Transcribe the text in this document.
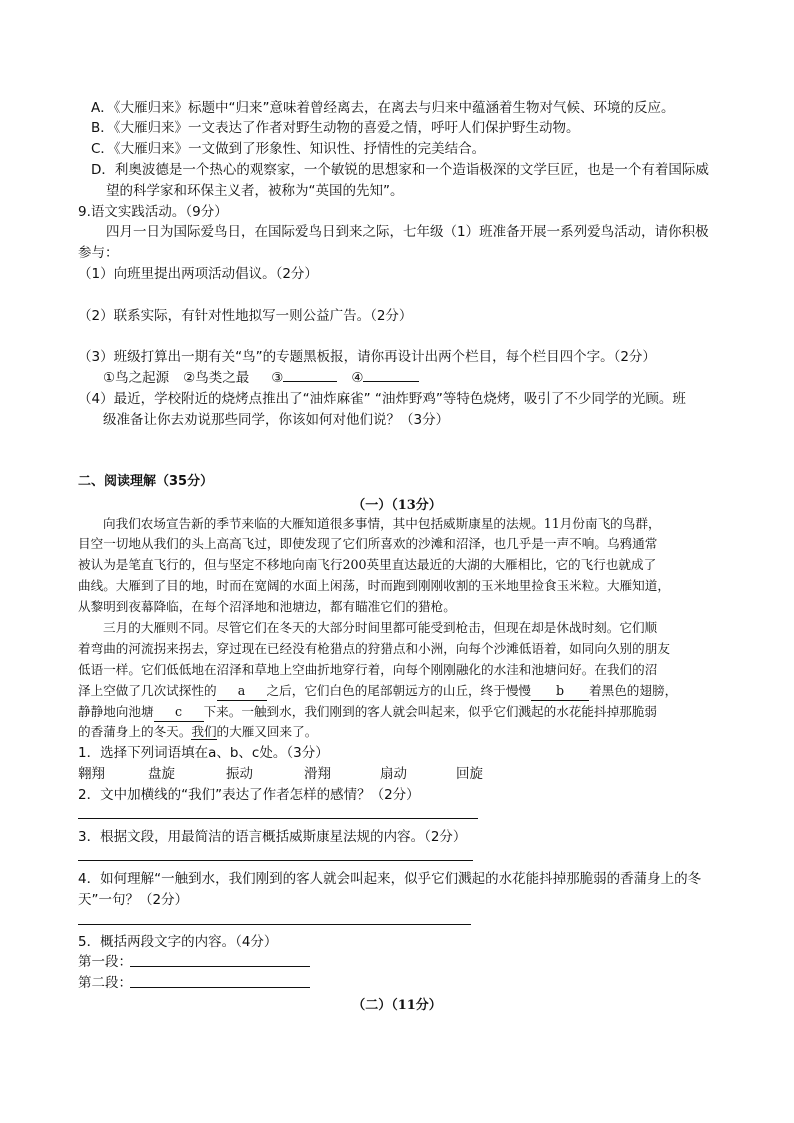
A．《大雁归来》标题中“归来”意味着曾经离去，在离去与归来中蕴涵着生物对气候、环境的反应。
B．《大雁归来》一文表达了作者对野生动物的喜爱之情，呼吁人们保护野生动物。
C．《大雁归来》一文做到了形象性、知识性、抒情性的完美结合。
D．利奥波德是一个热心的观察家，一个敏锐的思想家和一个造诣极深的文学巨匠，也是一个有着国际威
望的科学家和环保主义者，被称为“英国的先知”。
9.语文实践活动。（9分）
四月一日为国际爱鸟日，在国际爱鸟日到来之际，七年级（1）班准备开展一系列爱鸟活动，请你积极
参与：
（1）向班里提出两项活动倡议。（2分）
（2）联系实际，有针对性地拟写一则公益广告。（2分）
（3）班级打算出一期有关“鸟”的专题黑板报，请你再设计出两个栏目，每个栏目四个字。（2分）
①鸟之起源 ②鸟类之最 ③	④
（4）最近，学校附近的烧烤点推出了“油炸麻雀” “油炸野鸡”等特色烧烤，吸引了不少同学的光顾。班
级准备让你去劝说那些同学，你该如何对他们说？（3分）
二、阅读理解（35分）
（一）（13分）
向我们农场宣告新的季节来临的大雁知道很多事情，其中包括威斯康星的法规。11月份南飞的鸟群，
目空一切地从我们的头上高高飞过，即使发现了它们所喜欢的沙滩和沼泽，也几乎是一声不响。乌鸦通常
被认为是笔直飞行的，但与坚定不移地向南飞行200英里直达最近的大湖的大雁相比，它的飞行也就成了
曲线。大雁到了目的地，时而在宽阔的水面上闲荡，时而跑到刚刚收割的玉米地里捡食玉米粒。大雁知道，
从黎明到夜幕降临，在每个沼泽地和池塘边，都有瞄准它们的猎枪。
三月的大雁则不同。尽管它们在冬天的大部分时间里都可能受到枪击，但现在却是休战时刻。它们顺
着弯曲的河流拐来拐去，穿过现在已经没有枪猎点的狩猎点和小洲，向每个沙滩低语着，如同向久别的朋友
低语一样。它们低低地在沼泽和草地上空曲折地穿行着，向每个刚刚融化的水洼和池塘问好。在我们的沼
泽上空做了几次试探性的 a 之后，它们白色的尾部朝远方的山丘，终于慢慢 b 着黑色的翅膀，
静静地向池塘 c 下来。一触到水，我们刚到的客人就会叫起来，似乎它们溅起的水花能抖掉那脆弱
的香蒲身上的冬天。我们的大雁又回来了。
1．选择下列词语填在a、b、c处。（3分）
翱翔	盘旋	振动	滑翔	扇动	回旋
2．文中加横线的“我们”表达了作者怎样的感情？（2分）
3．根据文段，用最简洁的语言概括威斯康星法规的内容。（2分）
4．如何理解“一触到水，我们刚到的客人就会叫起来，似乎它们溅起的水花能抖掉那脆弱的香蒲身上的冬
天”一句？（2分）
5．概括两段文字的内容。（4分）
第一段：
第二段：
（二）（11分）
